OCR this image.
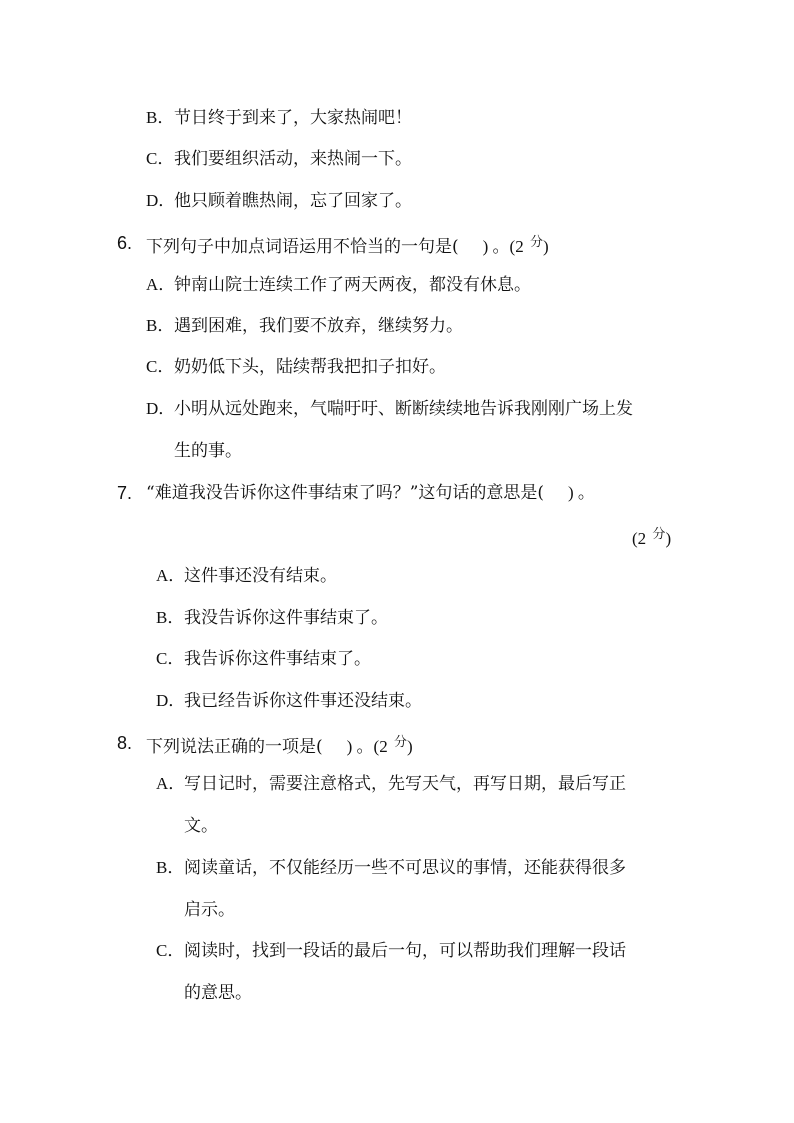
B．节日终于到来了，大家热闹吧！
C．我们要组织活动，来热闹一下。
D．他只顾着瞧热闹，忘了回家了。
6. 下列句子中加点词语运用不恰当的一句是( ) 。(2 $^分$)
A．钟南山院士连续工作了两天两夜，都没有休息。
B．遇到困难，我们要不放弃，继续努力。
C．奶奶低下头，陆续帮我把扣子扣好。
D．小明从远处跑来，气喘吁吁、断断续续地告诉我刚刚广场上发
生的事。
7. “难道我没告诉你这件事结束了吗？”这句话的意思是( ) 。
(2 $^分$)
A．这件事还没有结束。
B．我没告诉你这件事结束了。
C．我告诉你这件事结束了。
D．我已经告诉你这件事还没结束。
8. 下列说法正确的一项是( ) 。(2 $^分$)
A．写日记时，需要注意格式，先写天气，再写日期，最后写正
文。
B．阅读童话，不仅能经历一些不可思议的事情，还能获得很多
启示。
C．阅读时，找到一段话的最后一句，可以帮助我们理解一段话
的意思。
